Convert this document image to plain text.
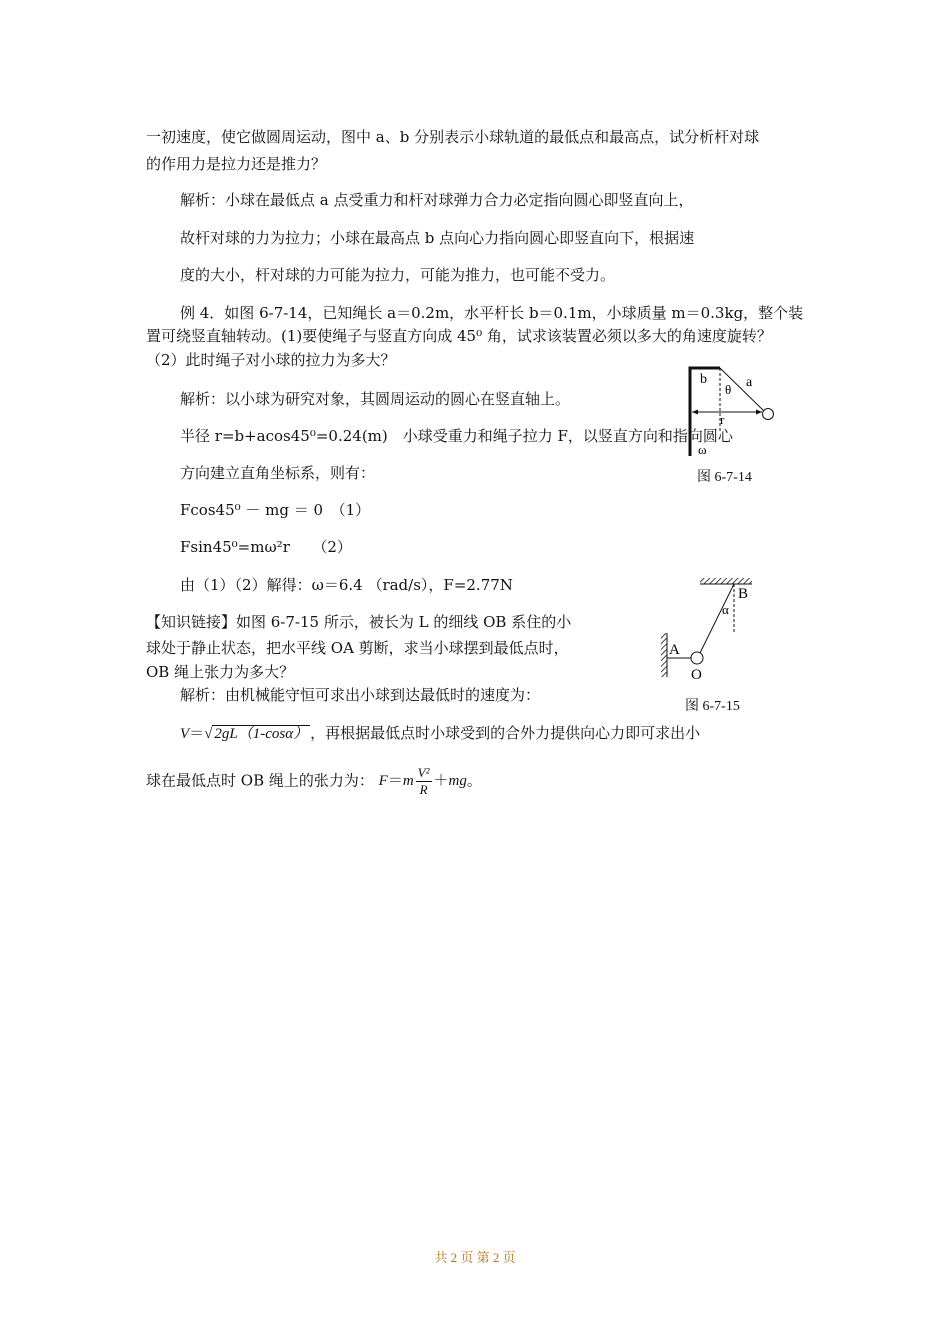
一初速度，使它做圆周运动，图中 a、b 分别表示小球轨道的最低点和最高点，试分析杆对球
的作用力是拉力还是推力？
解析：小球在最低点 a 点受重力和杆对球弹力合力必定指向圆心即竖直向上，
故杆对球的力为拉力；小球在最高点 b 点向心力指向圆心即竖直向下，根据速
度的大小，杆对球的力可能为拉力，可能为推力，也可能不受力。
例 4．如图 6-7-14，已知绳长 a＝0.2m，水平杆长 b＝0.1m，小球质量 m＝0.3kg，整个装
置可绕竖直轴转动。(1)要使绳子与竖直方向成 45⁰ 角，试求该装置必须以多大的角速度旋转？
（2）此时绳子对小球的拉力为多大？
解析：以小球为研究对象，其圆周运动的圆心在竖直轴上。
半径 r=b+acos45⁰=0.24(m)　小球受重力和绳子拉力 F，以竖直方向和指向圆心
方向建立直角坐标系，则有：
Fcos45⁰ － mg ＝ 0　（1）
Fsin45⁰=mω²r　　（2）
由（1）（2）解得：ω＝6.4 （rad/s），F=2.77N
【知识链接】如图 6-7-15 所示，被长为 L 的细线 OB 系住的小
球处于静止状态，把水平线 OA 剪断，求当小球摆到最低点时，
OB 绳上张力为多大？
解析：由机械能守恒可求出小球到达最低时的速度为：
V＝√ 2gL（1-cosα） ，再根据最低点时小球受到的合外力提供向心力即可求出小
球在最低点时 OB 绳上的张力为： $F=m \frac{\text{V²}}{R} +mg$。
b	a
θ
r
ω
图 6-7-14
A
B
α
O
图 6-7-15
共 2 页 第 2 页
